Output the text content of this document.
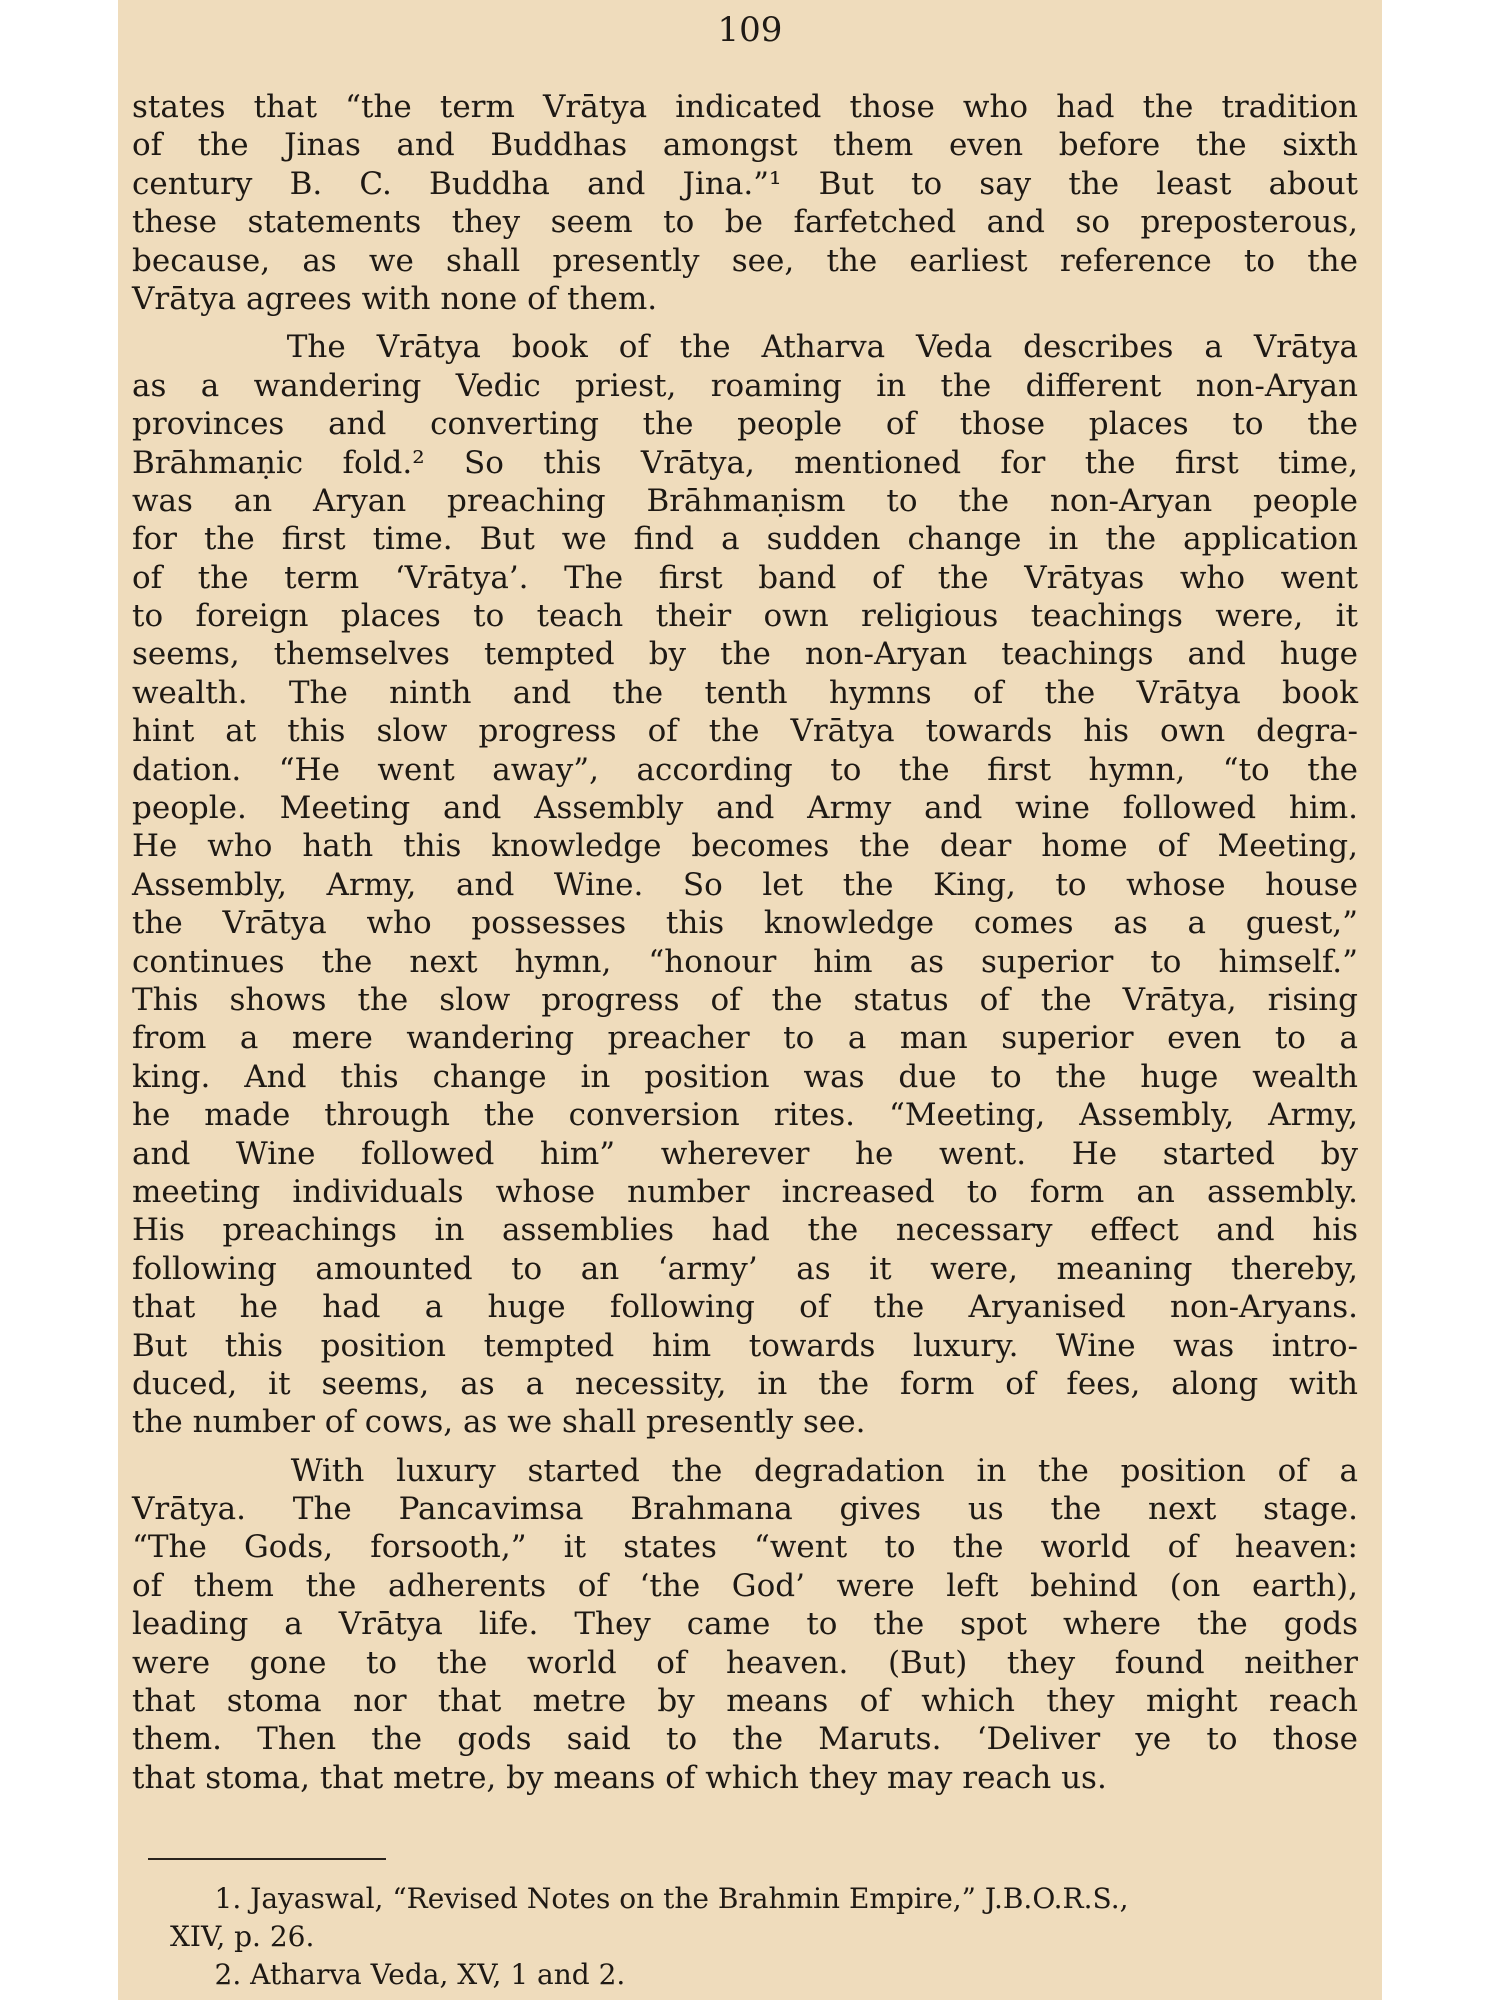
109
states that “the term Vrātya indicated those who had the tradition
of the Jinas and Buddhas amongst them even before the sixth
century B. C. Buddha and Jina.”¹ But to say the least about
these statements they seem to be farfetched and so preposterous,
because, as we shall presently see, the earliest reference to the
Vrātya agrees with none of them.
The Vrātya book of the Atharva Veda describes a Vrātya
as a wandering Vedic priest, roaming in the different non-Aryan
provinces and converting the people of those places to the
Brāhmaṇic fold.² So this Vrātya, mentioned for the first time,
was an Aryan preaching Brāhmaṇism to the non-Aryan people
for the first time. But we find a sudden change in the application
of the term ‘Vrātya’. The first band of the Vrātyas who went
to foreign places to teach their own religious teachings were, it
seems, themselves tempted by the non-Aryan teachings and huge
wealth. The ninth and the tenth hymns of the Vrātya book
hint at this slow progress of the Vrātya towards his own degra-
dation. “He went away”, according to the first hymn, “to the
people. Meeting and Assembly and Army and wine followed him.
He who hath this knowledge becomes the dear home of Meeting,
Assembly, Army, and Wine. So let the King, to whose house
the Vrātya who possesses this knowledge comes as a guest,”
continues the next hymn, “honour him as superior to himself.”
This shows the slow progress of the status of the Vrātya, rising
from a mere wandering preacher to a man superior even to a
king. And this change in position was due to the huge wealth
he made through the conversion rites. “Meeting, Assembly, Army,
and Wine followed him” wherever he went. He started by
meeting individuals whose number increased to form an assembly.
His preachings in assemblies had the necessary effect and his
following amounted to an ‘army’ as it were, meaning thereby,
that he had a huge following of the Aryanised non-Aryans.
But this position tempted him towards luxury. Wine was intro-
duced, it seems, as a necessity, in the form of fees, along with
the number of cows, as we shall presently see.
With luxury started the degradation in the position of a
Vrātya. The Pancavimsa Brahmana gives us the next stage.
“The Gods, forsooth,” it states “went to the world of heaven:
of them the adherents of ‘the God’ were left behind (on earth),
leading a Vrātya life. They came to the spot where the gods
were gone to the world of heaven. (But) they found neither
that stoma nor that metre by means of which they might reach
them. Then the gods said to the Maruts. ‘Deliver ye to those
that stoma, that metre, by means of which they may reach us.
1. Jayaswal, “Revised Notes on the Brahmin Empire,” J.B.O.R.S.,
XIV, p. 26.
2. Atharva Veda, XV, 1 and 2.
